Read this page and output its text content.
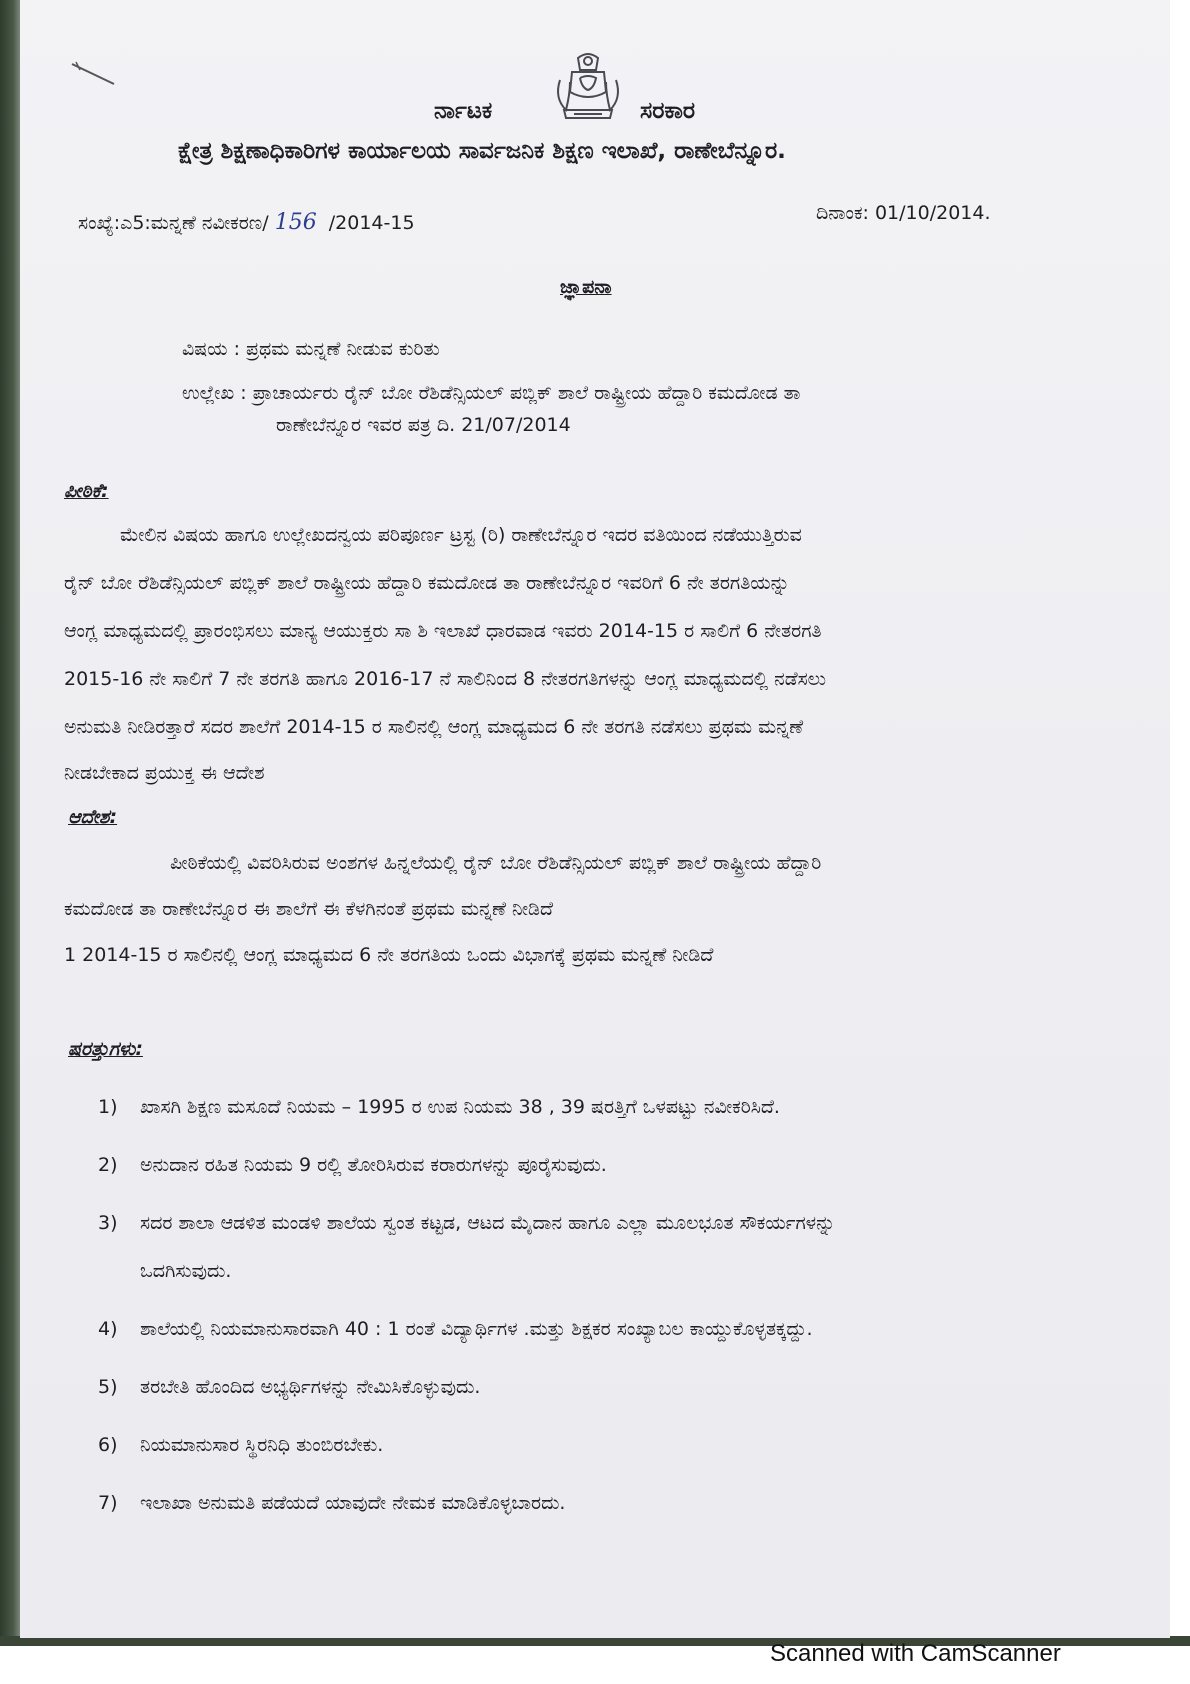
ರ್ನಾಟಕ	ಸರಕಾರ
ಕ್ಷೇತ್ರ ಶಿಕ್ಷಣಾಧಿಕಾರಿಗಳ ಕಾರ್ಯಾಲಯ ಸಾರ್ವಜನಿಕ ಶಿಕ್ಷಣ ಇಲಾಖೆ, ರಾಣೇಬೆನ್ನೂರ.
ಸಂಖ್ಯೆ:ಎ5:ಮನ್ನಣೆ ನವೀಕರಣ/ 156 /2014-15	ದಿನಾಂಕ: 01/10/2014.
ಜ್ಞಾಪನಾ
ವಿಷಯ : ಪ್ರಥಮ ಮನ್ನಣೆ ನೀಡುವ ಕುರಿತು
ಉಲ್ಲೇಖ : ಪ್ರಾಚಾರ್ಯರು ರೈನ್ ಬೋ ರೆಶಿಡೆನ್ಸಿಯಲ್ ಪಬ್ಲಿಕ್ ಶಾಲೆ ರಾಷ್ಟ್ರೀಯ ಹೆದ್ದಾರಿ ಕಮದೋಡ ತಾ
ರಾಣೇಬೆನ್ನೂರ ಇವರ ಪತ್ರ ದಿ. 21/07/2014
ಪೀಠಿಕೆ:
ಮೇಲಿನ ವಿಷಯ ಹಾಗೂ ಉಲ್ಲೇಖದನ್ವಯ ಪರಿಪೂರ್ಣ ಟ್ರಸ್ಟ (ರಿ) ರಾಣೇಬೆನ್ನೂರ ಇದರ ವತಿಯಿಂದ ನಡೆಯುತ್ತಿರುವ
ರೈನ್ ಬೋ ರೆಶಿಡೆನ್ಸಿಯಲ್ ಪಬ್ಲಿಕ್ ಶಾಲೆ ರಾಷ್ಟ್ರೀಯ ಹೆದ್ದಾರಿ ಕಮದೋಡ ತಾ ರಾಣೇಬೆನ್ನೂರ ಇವರಿಗೆ 6 ನೇ ತರಗತಿಯನ್ನು
ಆಂಗ್ಲ ಮಾಧ್ಯಮದಲ್ಲಿ ಪ್ರಾರಂಭಿಸಲು ಮಾನ್ಯ ಆಯುಕ್ತರು ಸಾ ಶಿ ಇಲಾಖೆ ಧಾರವಾಡ ಇವರು 2014-15 ರ ಸಾಲಿಗೆ 6 ನೇತರಗತಿ
2015-16 ನೇ ಸಾಲಿಗೆ 7 ನೇ ತರಗತಿ ಹಾಗೂ 2016-17 ನೆ ಸಾಲಿನಿಂದ 8 ನೇತರಗತಿಗಳನ್ನು ಆಂಗ್ಲ ಮಾಧ್ಯಮದಲ್ಲಿ ನಡೆಸಲು
ಅನುಮತಿ ನೀಡಿರತ್ತಾರೆ ಸದರ ಶಾಲೆಗೆ 2014-15 ರ ಸಾಲಿನಲ್ಲಿ ಆಂಗ್ಲ ಮಾಧ್ಯಮದ 6 ನೇ ತರಗತಿ ನಡೆಸಲು ಪ್ರಥಮ ಮನ್ನಣೆ
ನೀಡಬೇಕಾದ ಪ್ರಯುಕ್ತ ಈ ಆದೇಶ
ಆದೇಶ:
ಪೀಠಿಕೆಯಲ್ಲಿ ವಿವರಿಸಿರುವ ಅಂಶಗಳ ಹಿನ್ನಲೆಯಲ್ಲಿ ರೈನ್ ಬೋ ರೆಶಿಡೆನ್ಸಿಯಲ್ ಪಬ್ಲಿಕ್ ಶಾಲೆ ರಾಷ್ಟ್ರೀಯ ಹೆದ್ದಾರಿ
ಕಮದೋಡ ತಾ ರಾಣೇಬೆನ್ನೂರ ಈ ಶಾಲೆಗೆ ಈ ಕೆಳಗಿನಂತೆ ಪ್ರಥಮ ಮನ್ನಣೆ ನೀಡಿದೆ
1 2014-15 ರ ಸಾಲಿನಲ್ಲಿ ಆಂಗ್ಲ ಮಾಧ್ಯಮದ 6 ನೇ ತರಗತಿಯ ಒಂದು ವಿಭಾಗಕ್ಕೆ ಪ್ರಥಮ ಮನ್ನಣೆ ನೀಡಿದೆ
ಷರತ್ತುಗಳು:
1) ಖಾಸಗಿ ಶಿಕ್ಷಣ ಮಸೂದೆ ನಿಯಮ – 1995 ರ ಉಪ ನಿಯಮ 38 , 39 ಷರತ್ತಿಗೆ ಒಳಪಟ್ಟು ನವೀಕರಿಸಿದೆ.
2) ಅನುದಾನ ರಹಿತ ನಿಯಮ 9 ರಲ್ಲಿ ತೋರಿಸಿರುವ ಕರಾರುಗಳನ್ನು ಪೂರೈಸುವುದು.
3) ಸದರ ಶಾಲಾ ಆಡಳಿತ ಮಂಡಳಿ ಶಾಲೆಯ ಸ್ವಂತ ಕಟ್ಟಡ, ಆಟದ ಮೈದಾನ ಹಾಗೂ ಎಲ್ಲಾ ಮೂಲಭೂತ ಸೌಕರ್ಯಗಳನ್ನು
ಒದಗಿಸುವುದು.
4) ಶಾಲೆಯಲ್ಲಿ ನಿಯಮಾನುಸಾರವಾಗಿ 40 : 1 ರಂತೆ ವಿದ್ಯಾರ್ಥಿಗಳ .ಮತ್ತು ಶಿಕ್ಷಕರ ಸಂಖ್ಯಾಬಲ ಕಾಯ್ದುಕೊಳ್ಳತಕ್ಕದ್ದು.
5) ತರಬೇತಿ ಹೊಂದಿದ ಅಭ್ಯರ್ಥಿಗಳನ್ನು ನೇಮಿಸಿಕೊಳ್ಳುವುದು.
6) ನಿಯಮಾನುಸಾರ ಸ್ಥಿರನಿಧಿ ತುಂಬಿರಬೇಕು.
7) ಇಲಾಖಾ ಅನುಮತಿ ಪಡೆಯದೆ ಯಾವುದೇ ನೇಮಕ ಮಾಡಿಕೊಳ್ಳಬಾರದು.
Scanned with CamScanner
